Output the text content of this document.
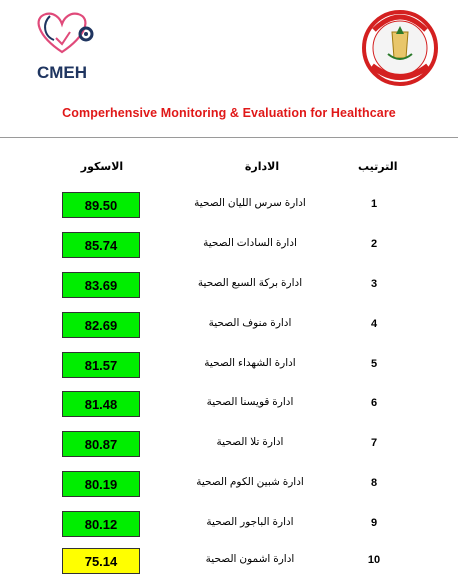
CMEH
Comperhensive Monitoring & Evaluation for Healthcare
الاسكور	الادارة	الترتيب
89.50	ادارة سرس الليان الصحية	1
85.74	ادارة السادات الصحية	2
83.69	ادارة بركة السبع الصحية	3
82.69	ادارة منوف الصحية	4
81.57	ادارة الشهداء الصحية	5
81.48	ادارة قويسنا الصحية	6
80.87	ادارة تلا الصحية	7
80.19	ادارة شبين الكوم الصحية	8
80.12	ادارة الباجور الصحية	9
75.14	ادارة اشمون الصحية	10
